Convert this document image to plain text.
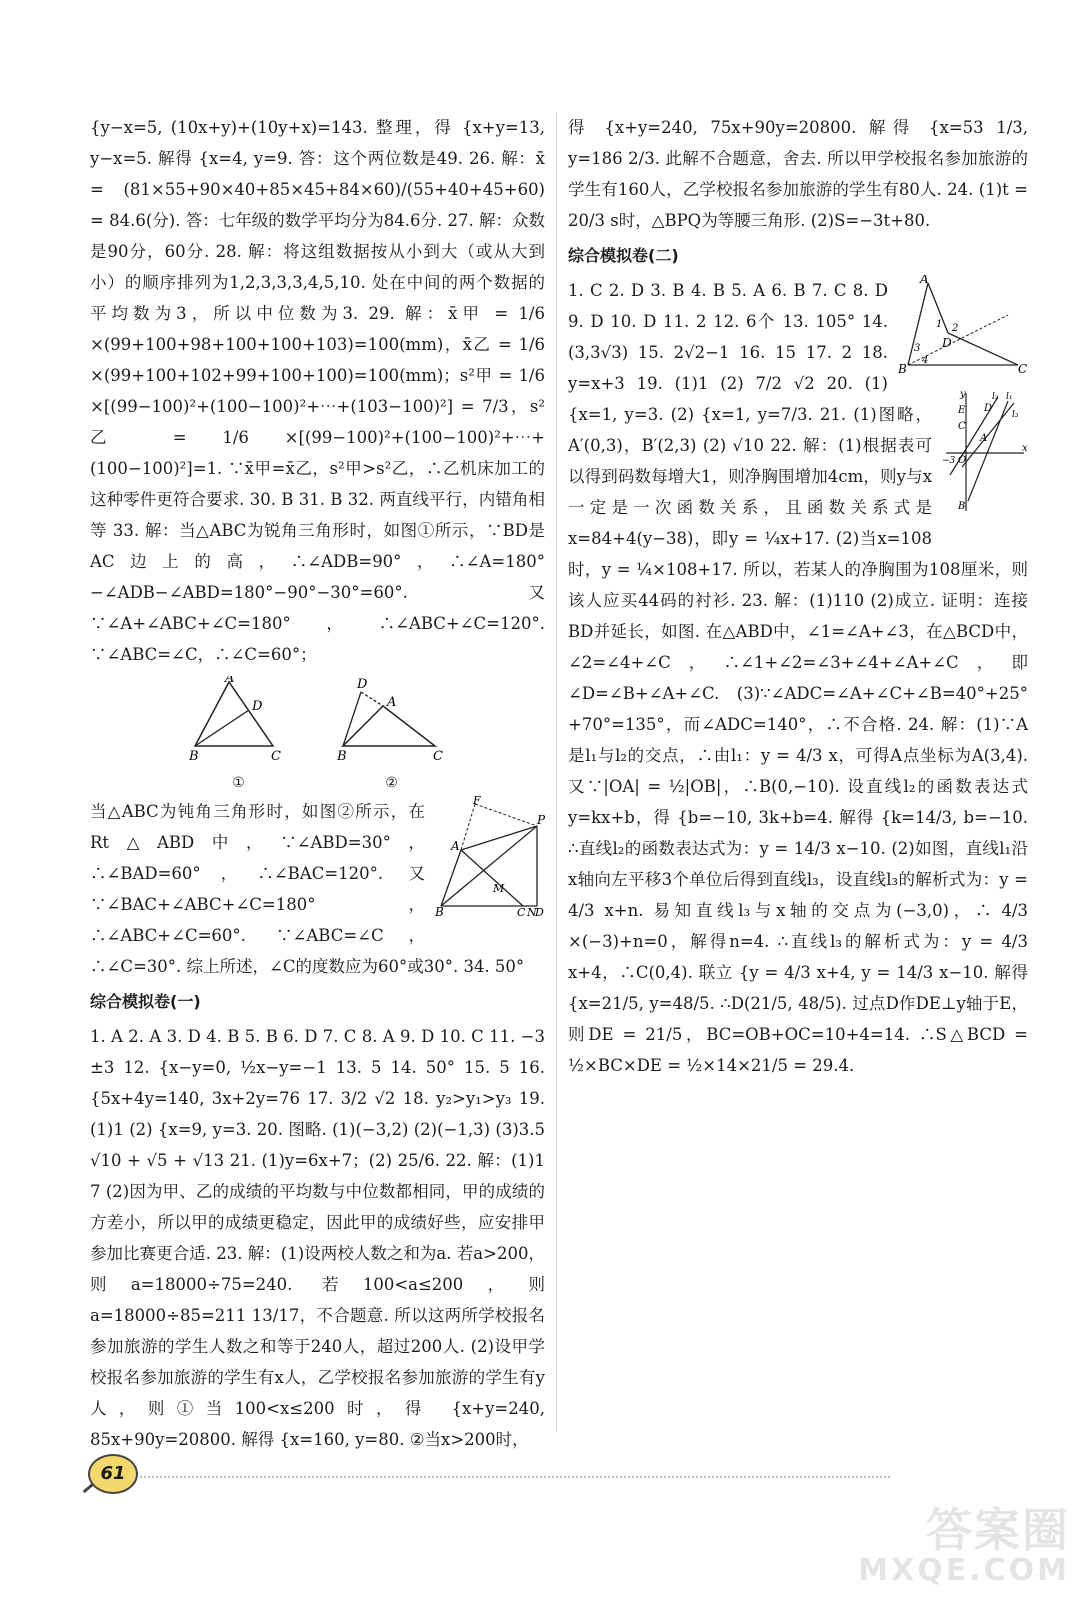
{y−x=5, (10x+y)+(10y+x)=143. 整理，得 {x+y=13, y−x=5. 解得 {x=4, y=9. 答：这个两位数是49. 26. 解：x̄ = (81×55+90×40+85×45+84×60)/(55+40+45+60) = 84.6(分). 答：七年级的数学平均分为84.6分. 27. 解：众数是90分，60分. 28. 解：将这组数据按从小到大（或从大到小）的顺序排列为1,2,3,3,3,4,5,10. 处在中间的两个数据的平均数为3，所以中位数为3. 29. 解：x̄甲 = 1/6 ×(99+100+98+100+100+103)=100(mm)，x̄乙 = 1/6 ×(99+100+102+99+100+100)=100(mm)；s²甲 = 1/6 ×[(99−100)²+(100−100)²+⋯+(103−100)²] = 7/3，s²乙 = 1/6 ×[(99−100)²+(100−100)²+⋯+(100−100)²]=1. ∵x̄甲=x̄乙，s²甲>s²乙，∴乙机床加工的这种零件更符合要求. 30. B 31. B 32. 两直线平行，内错角相等 33. 解：当△ABC为锐角三角形时，如图①所示，∵BD是AC边上的高，∴∠ADB=90°，∴∠A=180°−∠ADB−∠ABD=180°−90°−30°=60°. 又∵∠A+∠ABC+∠C=180°，∴∠ABC+∠C=120°. ∵∠ABC=∠C，∴∠C=60°；

A
B	C
D
①
D
A
B	C
②
F
A
P
M
B	C N
D

当△ABC为钝角三角形时，如图②所示，在Rt△ABD中，∵∠ABD=30°，∴∠BAD=60°，∴∠BAC=120°. 又∵∠BAC+∠ABC+∠C=180°，∴∠ABC+∠C=60°. ∵∠ABC=∠C，∴∠C=30°. 综上所述，∠C的度数应为60°或30°. 34. 50°

综合模拟卷(一)

1. A 2. A 3. D 4. B 5. B 6. D 7. C 8. A 9. D 10. C 11. −3 ±3 12. {x−y=0, ½x−y=−1 13. 5 14. 50° 15. 5 16. {5x+4y=140, 3x+2y=76 17. 3/2 √2 18. y₂>y₁>y₃ 19. (1)1 (2) {x=9, y=3. 20. 图略. (1)(−3,2) (2)(−1,3) (3)3.5 √10 + √5 + √13 21. (1)y=6x+7；(2) 25/6. 22. 解：(1)1 7 (2)因为甲、乙的成绩的平均数与中位数都相同，甲的成绩的方差小，所以甲的成绩更稳定，因此甲的成绩好些，应安排甲参加比赛更合适. 23. 解：(1)设两校人数之和为a. 若a>200，则a=18000÷75=240. 若100<a≤200，则a=18000÷85=211 13/17，不合题意. 所以这两所学校报名参加旅游的学生人数之和等于240人，超过200人. (2)设甲学校报名参加旅游的学生有x人，乙学校报名参加旅游的学生有y人，则①当100<x≤200时，得 {x+y=240, 85x+90y=20800. 解得 {x=160, y=80. ②当x>200时，

得 {x+y=240, 75x+90y=20800. 解得 {x=53 1/3, y=186 2/3. 此解不合题意，舍去. 所以甲学校报名参加旅游的学生有160人，乙学校报名参加旅游的学生有80人. 24. (1)t = 20/3 s时，△BPQ为等腰三角形. (2)S=−3t+80.

综合模拟卷(二)

A
B	C
D
1 2
3
4
y
x
C
E D
A
O
−3
B
l₂ l₁
l₃

1. C 2. D 3. B 4. B 5. A 6. B 7. C 8. D 9. D 10. D 11. 2 12. 6个 13. 105° 14. (3,3√3) 15. 2√2−1 16. 15 17. 2 18. y=x+3 19. (1)1 (2) 7/2 √2 20. (1) {x=1, y=3. (2) {x=1, y=7/3. 21. (1)图略，A′(0,3)，B′(2,3) (2) √10 22. 解：(1)根据表可以得到码数每增大1，则净胸围增加4cm，则y与x一定是一次函数关系，且函数关系式是x=84+4(y−38)，即y = ¼x+17. (2)当x=108时，y = ¼×108+17. 所以，若某人的净胸围为108厘米，则该人应买44码的衬衫. 23. 解：(1)110 (2)成立. 证明：连接BD并延长，如图. 在△ABD中，∠1=∠A+∠3，在△BCD中，∠2=∠4+∠C，∴∠1+∠2=∠3+∠4+∠A+∠C，即∠D=∠B+∠A+∠C. (3)∵∠ADC=∠A+∠C+∠B=40°+25°+70°=135°，而∠ADC=140°，∴不合格. 24. 解：(1)∵A是l₁与l₂的交点，∴由l₁：y = 4/3 x，可得A点坐标为A(3,4). 又∵|OA| = ½|OB|，∴B(0,−10). 设直线l₂的函数表达式y=kx+b，得 {b=−10, 3k+b=4. 解得 {k=14/3, b=−10. ∴直线l₂的函数表达式为：y = 14/3 x−10. (2)如图，直线l₁沿x轴向左平移3个单位后得到直线l₃，设直线l₃的解析式为：y = 4/3 x+n. 易知直线l₃与x轴的交点为(−3,0)，∴ 4/3 ×(−3)+n=0，解得n=4. ∴直线l₃的解析式为：y = 4/3 x+4，∴C(0,4). 联立 {y = 4/3 x+4, y = 14/3 x−10. 解得 {x=21/5, y=48/5. ∴D(21/5, 48/5). 过点D作DE⊥y轴于E，则DE = 21/5，BC=OB+OC=10+4=14. ∴S△BCD = ½×BC×DE = ½×14×21/5 = 29.4.

61
答案圈
MXQE.COM
